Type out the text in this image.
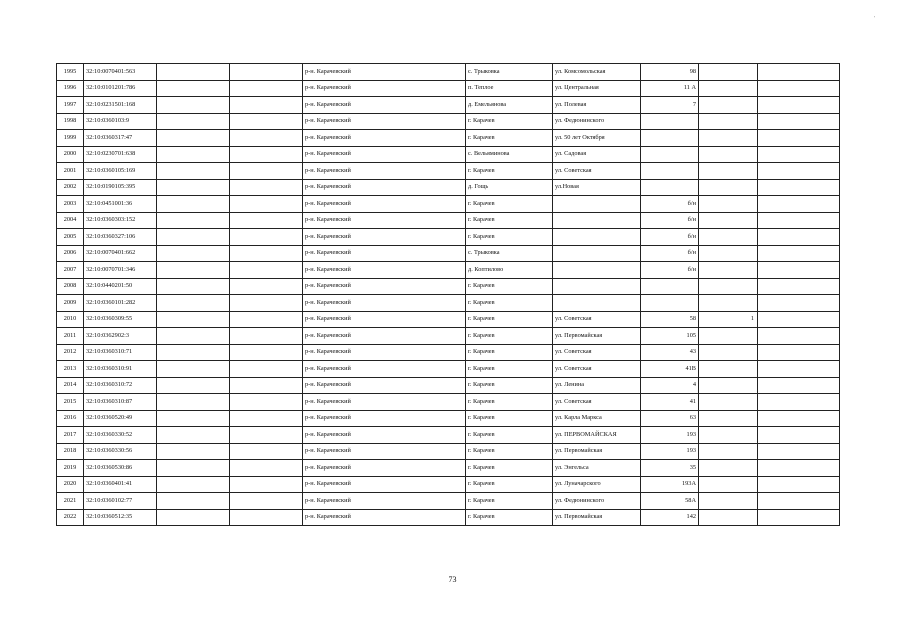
'
1995	32:10:0070401:563			р-н. Карачевский	с. Трыковка	ул. Комсомольская	98		
1996	32:10:0101201:786			р-н. Карачевский	п. Теплое	ул. Центральная	11 А		
1997	32:10:0231501:168			р-н. Карачевский	д. Емельянова	ул. Полевая	7		
1998	32:10:0360103:9			р-н. Карачевский	г. Карачев	ул. Федюнинского			
1999	32:10:0360317:47			р-н. Карачевский	г. Карачев	ул. 50 лет Октября			
2000	32:10:0230701:638			р-н. Карачевский	с. Вельяминова	ул. Садовая			
2001	32:10:0360105:169			р-н. Карачевский	г. Карачев	ул. Советская			
2002	32:10:0190105:395			р-н. Карачевский	д. Гощь	ул.Новая			
2003	32:10:0451001:36			р-н. Карачевский	г. Карачев		б/н		
2004	32:10:0360303:152			р-н. Карачевский	г. Карачев		б/н		
2005	32:10:0360327:106			р-н. Карачевский	г. Карачев		б/н		
2006	32:10:0070401:662			р-н. Карачевский	с. Трыковка		б/н		
2007	32:10:0070701:346			р-н. Карачевский	д. Коптилово		б/н		
2008	32:10:0440201:50			р-н. Карачевский	г. Карачев				
2009	32:10:0360101:282			р-н. Карачевский	г. Карачев				
2010	32:10:0360309:55			р-н. Карачевский	г. Карачев	ул. Советская	58	1	
2011	32:10:0362902:3			р-н. Карачевский	г. Карачев	ул. Первомайская	105		
2012	32:10:0360310:71			р-н. Карачевский	г. Карачев	ул. Советская	43		
2013	32:10:0360310:91			р-н. Карачевский	г. Карачев	ул. Советская	41В		
2014	32:10:0360310:72			р-н. Карачевский	г. Карачев	ул. Ленина	4		
2015	32:10:0360310:87			р-н. Карачевский	г. Карачев	ул. Советская	41		
2016	32:10:0360520:49			р-н. Карачевский	г. Карачев	ул. Карла Маркса	63		
2017	32:10:0360330:52			р-н. Карачевский	г. Карачев	ул. ПЕРВОМАЙСКАЯ	193		
2018	32:10:0360330:56			р-н. Карачевский	г. Карачев	ул. Первомайская	193		
2019	32:10:0360530:86			р-н. Карачевский	г. Карачев	ул. Энгельса	35		
2020	32:10:0360401:41			р-н. Карачевский	г. Карачев	ул. Луначарского	193А		
2021	32:10:0360102:77			р-н. Карачевский	г. Карачев	ул. Федюнинского	58А		
2022	32:10:0360512:35			р-н. Карачевский	г. Карачев	ул. Первомайская	142		
73
